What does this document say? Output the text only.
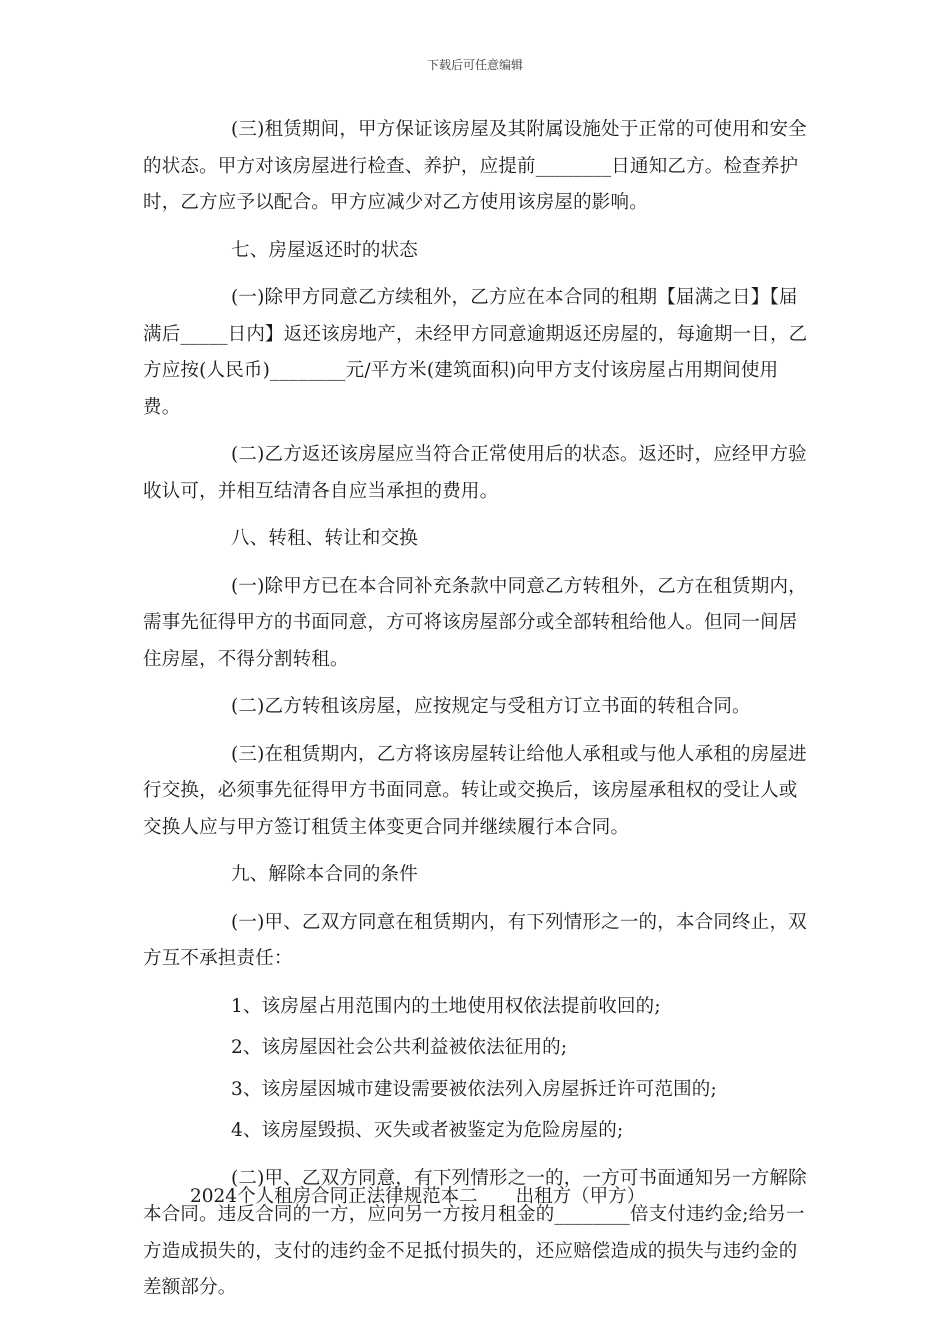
下载后可任意编辑

(三)租赁期间，甲方保证该房屋及其附属设施处于正常的可使用和安全的状态。甲方对该房屋进行检查、养护，应提前________日通知乙方。检查养护时，乙方应予以配合。甲方应减少对乙方使用该房屋的影响。

七、房屋返还时的状态

(一)除甲方同意乙方续租外，乙方应在本合同的租期【届满之日】【届满后_____日内】返还该房地产，未经甲方同意逾期返还房屋的，每逾期一日，乙方应按(人民币)________元/平方米(建筑面积)向甲方支付该房屋占用期间使用费。

(二)乙方返还该房屋应当符合正常使用后的状态。返还时，应经甲方验收认可，并相互结清各自应当承担的费用。

八、转租、转让和交换

(一)除甲方已在本合同补充条款中同意乙方转租外，乙方在租赁期内，需事先征得甲方的书面同意，方可将该房屋部分或全部转租给他人。但同一间居住房屋，不得分割转租。

(二)乙方转租该房屋，应按规定与受租方订立书面的转租合同。

(三)在租赁期内，乙方将该房屋转让给他人承租或与他人承租的房屋进行交换，必须事先征得甲方书面同意。转让或交换后，该房屋承租权的受让人或交换人应与甲方签订租赁主体变更合同并继续履行本合同。

九、解除本合同的条件

(一)甲、乙双方同意在租赁期内，有下列情形之一的，本合同终止，双方互不承担责任：

1、该房屋占用范围内的土地使用权依法提前收回的;

2、该房屋因社会公共利益被依法征用的;

3、该房屋因城市建设需要被依法列入房屋拆迁许可范围的;

4、该房屋毁损、灭失或者被鉴定为危险房屋的;

(二)甲、乙双方同意，有下列情形之一的，一方可书面通知另一方解除本合同。违反合同的一方，应向另一方按月租金的________倍支付违约金;给另一方造成损失的，支付的违约金不足抵付损失的，还应赔偿造成的损失与违约金的差额部分。

2024个人租房合同正法律规范本二 出租方（甲方）
